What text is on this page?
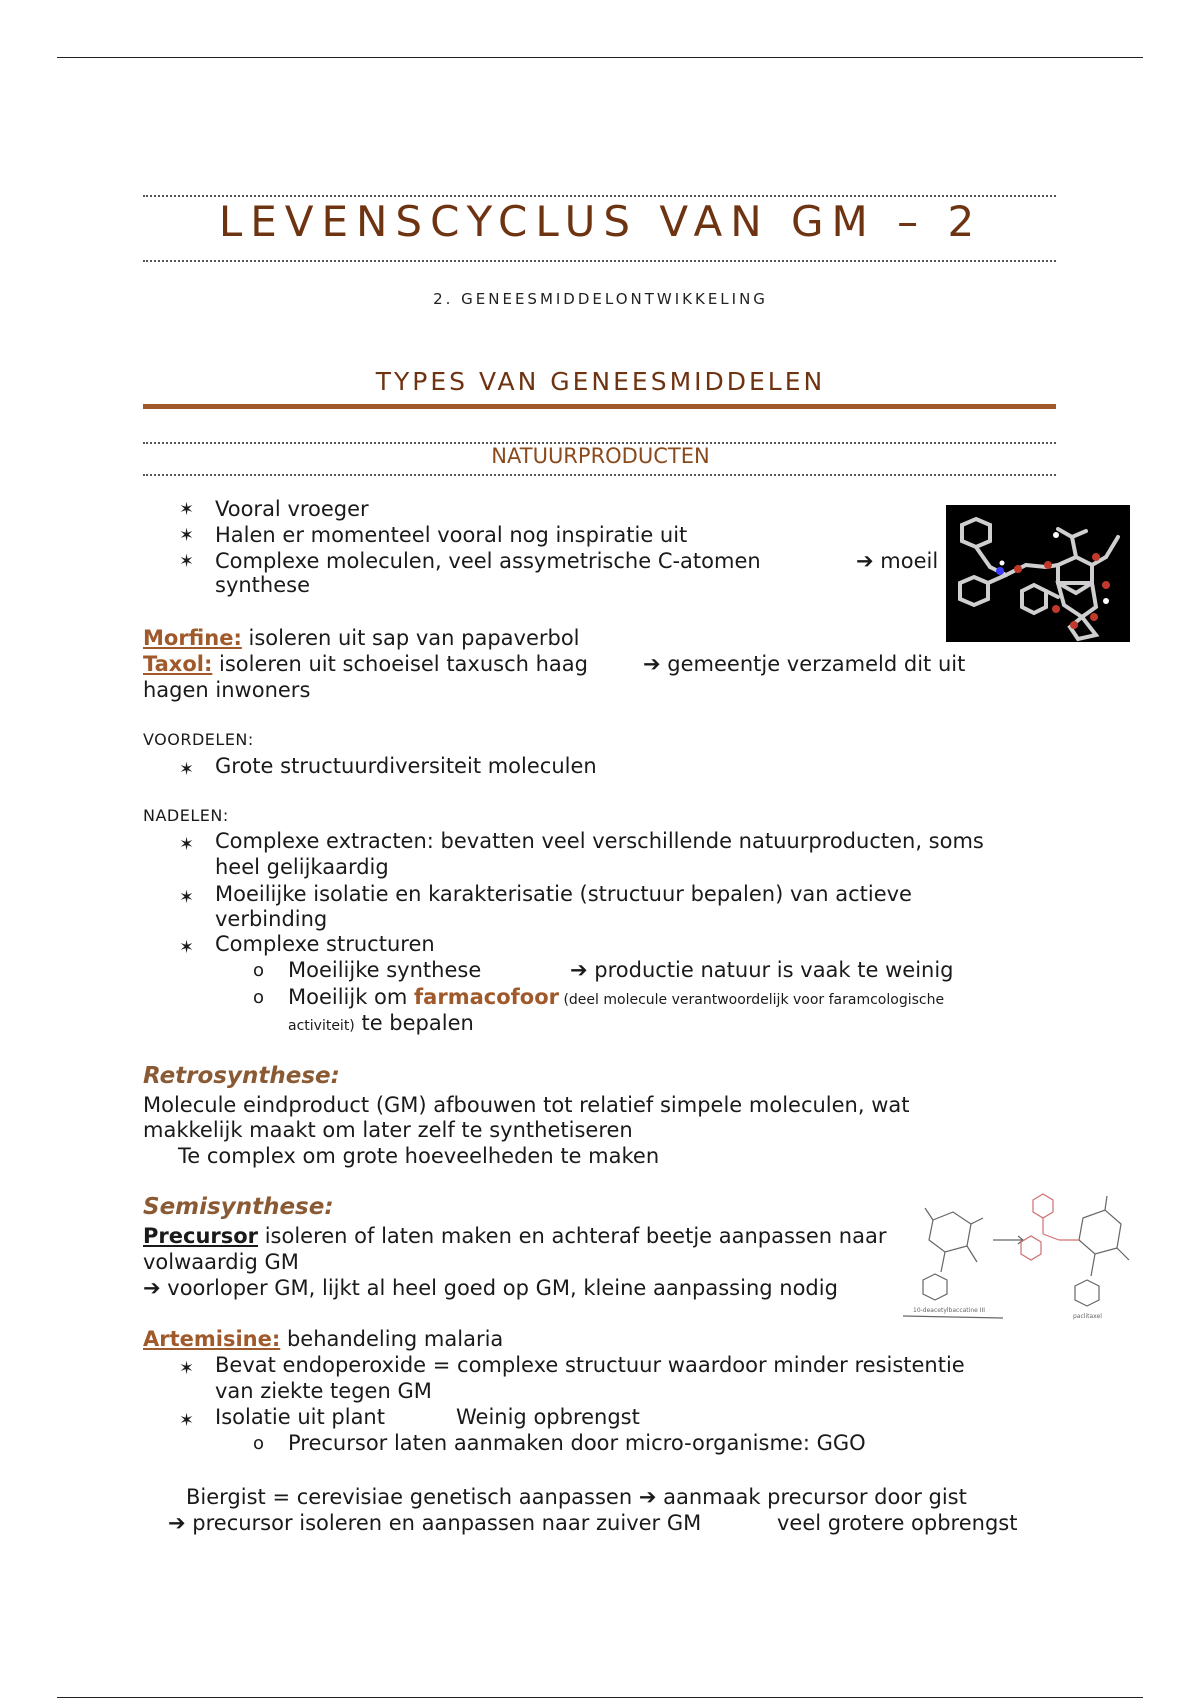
LEVENSCYCLUS VAN GM – 2
2. GENEESMIDDELONTWIKKELING
TYPES VAN GENEESMIDDELEN
NATUURPRODUCTEN
✶ Vooral vroeger
✶ Halen er momenteel vooral nog inspiratie uit
✶ Complexe moleculen, veel assymetrische C-atomen	➔ moeil
synthese
Morfine: isoleren uit sap van papaverbol
Taxol: isoleren uit schoeisel taxusch haag	➔ gemeentje verzameld dit uit
hagen inwoners
VOORDELEN:
✶ Grote structuurdiversiteit moleculen
NADELEN:
✶ Complexe extracten: bevatten veel verschillende natuurproducten, soms
heel gelijkaardig
✶ Moeilijke isolatie en karakterisatie (structuur bepalen) van actieve
verbinding
✶ Complexe structuren
o Moeilijke synthese	➔ productie natuur is vaak te weinig
o Moeilijk om farmacofoor (deel molecule verantwoordelijk voor faramcologische
activiteit) te bepalen
Retrosynthese:
Molecule eindproduct (GM) afbouwen tot relatief simpele moleculen, wat
makkelijk maakt om later zelf te synthetiseren
Te complex om grote hoeveelheden te maken
Semisynthese:
Precursor isoleren of laten maken en achteraf beetje aanpassen naar
volwaardig GM
➔ voorloper GM, lijkt al heel goed op GM, kleine aanpassing nodig
10-deacetylbaccatine III
paclitaxel
Artemisine: behandeling malaria
✶ Bevat endoperoxide = complexe structuur waardoor minder resistentie
van ziekte tegen GM
✶ Isolatie uit plant	Weinig opbrengst
o Precursor laten aanmaken door micro-organisme: GGO
Biergist = cerevisiae genetisch aanpassen ➔ aanmaak precursor door gist
➔ precursor isoleren en aanpassen naar zuiver GM	veel grotere opbrengst
